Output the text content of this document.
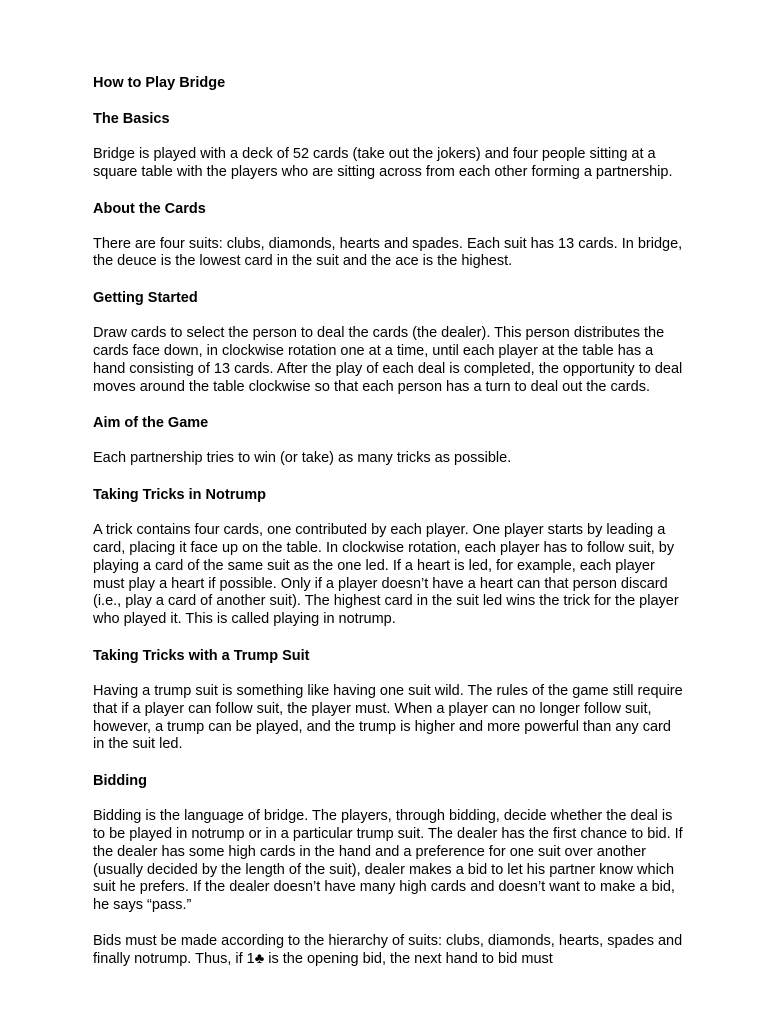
How to Play Bridge
The Basics

Bridge is played with a deck of 52 cards (take out the jokers) and four people sitting at a square table with the players who are sitting across from each other forming a partnership.

About the Cards

There are four suits: clubs, diamonds, hearts and spades. Each suit has 13 cards. In bridge, the deuce is the lowest card in the suit and the ace is the highest.

Getting Started

Draw cards to select the person to deal the cards (the dealer). This person distributes the cards face down, in clockwise rotation one at a time, until each player at the table has a hand consisting of 13 cards. After the play of each deal is completed, the opportunity to deal moves around the table clockwise so that each person has a turn to deal out the cards.

Aim of the Game

Each partnership tries to win (or take) as many tricks as possible.

Taking Tricks in Notrump

A trick contains four cards, one contributed by each player. One player starts by leading a card, placing it face up on the table. In clockwise rotation, each player has to follow suit, by playing a card of the same suit as the one led. If a heart is led, for example, each player must play a heart if possible. Only if a player doesn’t have a heart can that person discard (i.e., play a card of another suit). The highest card in the suit led wins the trick for the player who played it. This is called playing in notrump.

Taking Tricks with a Trump Suit

Having a trump suit is something like having one suit wild. The rules of the game still require that if a player can follow suit, the player must. When a player can no longer follow suit, however, a trump can be played, and the trump is higher and more powerful than any card in the suit led.

Bidding

Bidding is the language of bridge. The players, through bidding, decide whether the deal is to be played in notrump or in a particular trump suit. The dealer has the first chance to bid. If the dealer has some high cards in the hand and a preference for one suit over another (usually decided by the length of the suit), dealer makes a bid to let his partner know which suit he prefers. If the dealer doesn’t have many high cards and doesn’t want to make a bid, he says “pass.”

Bids must be made according to the hierarchy of suits: clubs, diamonds, hearts, spades and finally notrump. Thus, if 1♣ is the opening bid, the next hand to bid must
